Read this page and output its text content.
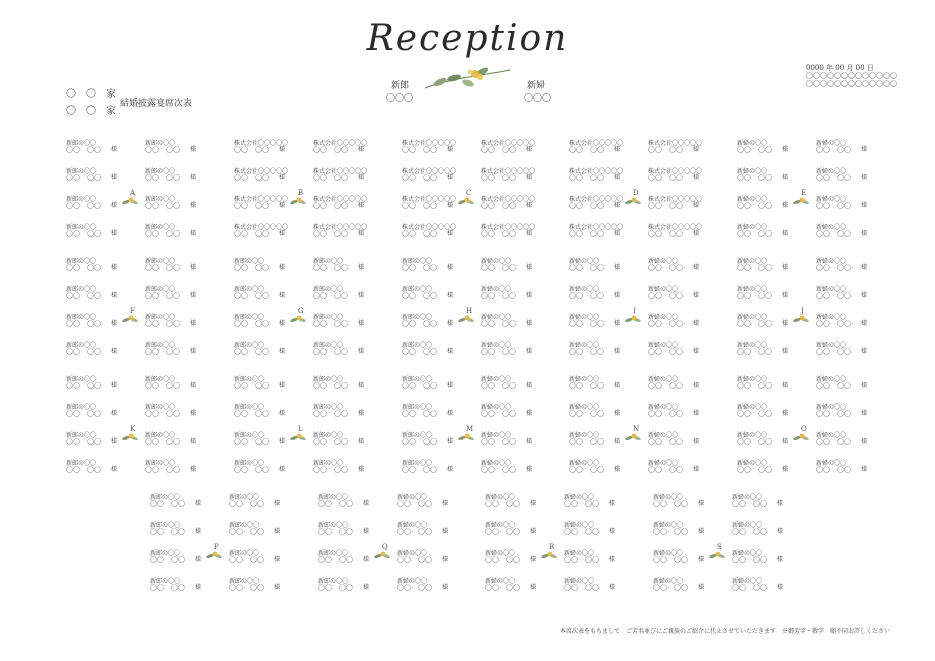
Reception
新郎
〇〇〇
新婦
〇〇〇
0000 年 00 月 00 日
〇〇〇〇〇〇〇〇〇〇〇〇〇
〇〇〇〇〇〇〇〇〇〇〇〇〇
〇　〇　家
〇　〇　家
結婚披露宴席次表
新郎の〇〇
〇〇　〇〇	様
新郎の〇〇
〇〇　〇〇	様
新郎の〇〇
〇〇　〇〇	様
新郎の〇〇
〇〇　〇〇	様
新郎の〇〇
〇〇　〇〇	様
新郎の〇〇
〇〇　〇〇	様
新郎の〇〇
〇〇　〇〇	様
新郎の〇〇
〇〇　〇〇	様
A
株式会社〇〇〇〇〇
〇〇　〇〇	様
株式会社〇〇〇〇〇
〇〇　〇〇	様
株式会社〇〇〇〇〇
〇〇　〇〇	様
株式会社〇〇〇〇〇
〇〇　〇〇	様
株式会社〇〇〇〇〇
〇〇　〇〇	様
株式会社〇〇〇〇〇
〇〇　〇〇	様
株式会社〇〇〇〇〇
〇〇　〇〇	様
株式会社〇〇〇〇〇
〇〇　〇〇	様
B
株式会社〇〇〇〇〇
〇〇　〇〇	様
株式会社〇〇〇〇〇
〇〇　〇〇	様
株式会社〇〇〇〇〇
〇〇　〇〇	様
株式会社〇〇〇〇〇
〇〇　〇〇	様
株式会社〇〇〇〇〇
〇〇　〇〇	様
株式会社〇〇〇〇〇
〇〇　〇〇	様
株式会社〇〇〇〇〇
〇〇　〇〇	様
株式会社〇〇〇〇〇
〇〇　〇〇	様
C
株式会社〇〇〇〇〇
〇〇　〇〇	様
株式会社〇〇〇〇〇
〇〇　〇〇	様
株式会社〇〇〇〇〇
〇〇　〇〇	様
株式会社〇〇〇〇〇
〇〇　〇〇	様
株式会社〇〇〇〇〇
〇〇　〇〇	様
株式会社〇〇〇〇〇
〇〇　〇〇	様
株式会社〇〇〇〇〇
〇〇　〇〇	様
株式会社〇〇〇〇〇
〇〇　〇〇	様
D
新婦の〇〇
〇〇　〇〇	様
新婦の〇〇
〇〇　〇〇	様
新婦の〇〇
〇〇　〇〇	様
新婦の〇〇
〇〇　〇〇	様
新婦の〇〇
〇〇　〇〇	様
新婦の〇〇
〇〇　〇〇	様
新婦の〇〇
〇〇　〇〇	様
新婦の〇〇
〇〇　〇〇	様
E
新郎の〇〇
〇〇　〇〇	様
新郎の〇〇
〇〇　〇〇	様
新郎の〇〇
〇〇　〇〇	様
新郎の〇〇
〇〇　〇〇	様
新郎の〇〇
〇〇　〇〇	様
新郎の〇〇
〇〇　〇〇	様
新郎の〇〇
〇〇　〇〇	様
新郎の〇〇
〇〇　〇〇	様
F
新郎の〇〇
〇〇　〇〇	様
新郎の〇〇
〇〇　〇〇	様
新郎の〇〇
〇〇　〇〇	様
新郎の〇〇
〇〇　〇〇	様
新郎の〇〇
〇〇　〇〇	様
新郎の〇〇
〇〇　〇〇	様
新郎の〇〇
〇〇　〇〇	様
新郎の〇〇
〇〇　〇〇	様
G
新郎の〇〇
〇〇　〇〇	様
新郎の〇〇
〇〇　〇〇	様
新郎の〇〇
〇〇　〇〇	様
新郎の〇〇
〇〇　〇〇	様
新婦の〇〇
〇〇　〇〇	様
新婦の〇〇
〇〇　〇〇	様
新婦の〇〇
〇〇　〇〇	様
新婦の〇〇
〇〇　〇〇	様
H
新婦の〇〇
〇〇　〇〇	様
新婦の〇〇
〇〇　〇〇	様
新婦の〇〇
〇〇　〇〇	様
新婦の〇〇
〇〇　〇〇	様
新婦の〇〇
〇〇　〇〇	様
新婦の〇〇
〇〇　〇〇	様
新婦の〇〇
〇〇　〇〇	様
新婦の〇〇
〇〇　〇〇	様
I
新婦の〇〇
〇〇　〇〇	様
新婦の〇〇
〇〇　〇〇	様
新婦の〇〇
〇〇　〇〇	様
新婦の〇〇
〇〇　〇〇	様
新婦の〇〇
〇〇　〇〇	様
新婦の〇〇
〇〇　〇〇	様
新婦の〇〇
〇〇　〇〇	様
新婦の〇〇
〇〇　〇〇	様
J
新郎の〇〇
〇〇　〇〇	様
新郎の〇〇
〇〇　〇〇	様
新郎の〇〇
〇〇　〇〇	様
新郎の〇〇
〇〇　〇〇	様
新郎の〇〇
〇〇　〇〇	様
新郎の〇〇
〇〇　〇〇	様
新郎の〇〇
〇〇　〇〇	様
新郎の〇〇
〇〇　〇〇	様
K
新郎の〇〇
〇〇　〇〇	様
新郎の〇〇
〇〇　〇〇	様
新郎の〇〇
〇〇　〇〇	様
新郎の〇〇
〇〇　〇〇	様
新郎の〇〇
〇〇　〇〇	様
新郎の〇〇
〇〇　〇〇	様
新郎の〇〇
〇〇　〇〇	様
新郎の〇〇
〇〇　〇〇	様
L
新郎の〇〇
〇〇　〇〇	様
新郎の〇〇
〇〇　〇〇	様
新郎の〇〇
〇〇　〇〇	様
新郎の〇〇
〇〇　〇〇	様
新婦の〇〇
〇〇　〇〇	様
新婦の〇〇
〇〇　〇〇	様
新婦の〇〇
〇〇　〇〇	様
新婦の〇〇
〇〇　〇〇	様
M
新婦の〇〇
〇〇　〇〇	様
新婦の〇〇
〇〇　〇〇	様
新婦の〇〇
〇〇　〇〇	様
新婦の〇〇
〇〇　〇〇	様
新婦の〇〇
〇〇　〇〇	様
新婦の〇〇
〇〇　〇〇	様
新婦の〇〇
〇〇　〇〇	様
新婦の〇〇
〇〇　〇〇	様
N
新婦の〇〇
〇〇　〇〇	様
新婦の〇〇
〇〇　〇〇	様
新婦の〇〇
〇〇　〇〇	様
新婦の〇〇
〇〇　〇〇	様
新婦の〇〇
〇〇　〇〇	様
新婦の〇〇
〇〇　〇〇	様
新婦の〇〇
〇〇　〇〇	様
新婦の〇〇
〇〇　〇〇	様
O
新郎の〇〇
〇〇　〇〇	様
新郎の〇〇
〇〇　〇〇	様
新郎の〇〇
〇〇　〇〇	様
新郎の〇〇
〇〇　〇〇	様
新郎の〇〇
〇〇　〇〇	様
新郎の〇〇
〇〇　〇〇	様
新郎の〇〇
〇〇　〇〇	様
新郎の〇〇
〇〇　〇〇	様
P
新郎の〇〇
〇〇　〇〇	様
新郎の〇〇
〇〇　〇〇	様
新郎の〇〇
〇〇　〇〇	様
新郎の〇〇
〇〇　〇〇	様
新婦の〇〇
〇〇　〇〇	様
新婦の〇〇
〇〇　〇〇	様
新婦の〇〇
〇〇　〇〇	様
新婦の〇〇
〇〇　〇〇	様
Q
新婦の〇〇
〇〇　〇〇	様
新婦の〇〇
〇〇　〇〇	様
新婦の〇〇
〇〇　〇〇	様
新婦の〇〇
〇〇　〇〇	様
新婦の〇〇
〇〇　〇〇	様
新婦の〇〇
〇〇　〇〇	様
新婦の〇〇
〇〇　〇〇	様
新婦の〇〇
〇〇　〇〇	様
R
新婦の〇〇
〇〇　〇〇	様
新婦の〇〇
〇〇　〇〇	様
新婦の〇〇
〇〇　〇〇	様
新婦の〇〇
〇〇　〇〇	様
新婦の〇〇
〇〇　〇〇	様
新婦の〇〇
〇〇　〇〇	様
新婦の〇〇
〇〇　〇〇	様
新婦の〇〇
〇〇　〇〇	様
S
本席次表をもちまして　ご芳名並びにご親族のご紹介に代えさせていただきます　※御芳字・敬字　順不同お許しください
